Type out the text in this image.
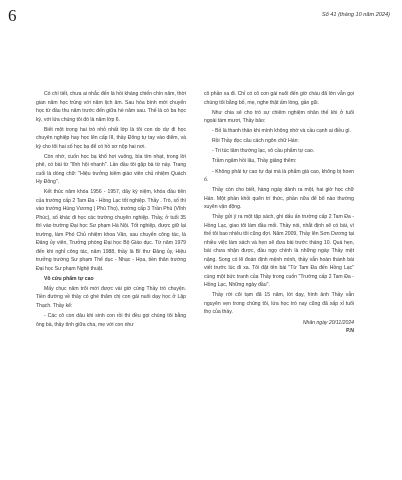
6	Số 41 (tháng 10 năm 2024)

Có chí tiết, chưa ai nhắc đến là hồi kháng chiến chín năm, thời gian năm học trùng với năm lịch âm. Sau hòa bình mới chuyển học từ đầu thu năm trước đến giữa hè năm sau. Thế là có ba học kỳ, với lứa chúng tôi đó là năm lớp 6.

Biết một trong hai trò nhỏ nhất lớp là tôi con do dự đi học chuyên nghiệp hay học lên cấp III, thầy Đông tự tay vào điểm, và kỳ cho tôi hai số học bạ để có hồ sơ nộp hai nơi.

Còn nhớ, cuốn học bạ khổ hơi vuông, bìa tím nhạt, trong lời phê, có bài từ "lĩnh hội nhanh". Lần đầu tôi gặp bà từ này. Trang cuối là dòng chữ: "Hiệu trưởng kiêm giáo viên chủ nhiệm Quách Hy Đông".

Kết thúc năm khóa 1956 - 1957, dãy kỳ niệm, khóa đầu tiên của trường cấp 2 Tam Đa - Hồng Lạc tốt nghiệp. Thầy . Trò, số thì vào trường Hùng Vương ( Phú Thọ), trường cấp 3 Trần Phú (Vĩnh Phúc), số khác đi học các trường chuyên nghiệp. Thầy, ở tuổi 35 thì vào trường Đại học Sư phạm Hà Nội. Tốt nghiệp, được giữ lại trường, làm Phó Chủ nhiệm khoa Văn, sau chuyển công tác, là Đảng ủy viên, Trưởng phòng Đại học Bộ Giáo dục. Từ năm 1979 đến khi nghỉ công tác, năm 1988, thầy là Bí thư Đảng ủy, Hiệu trưởng trường Sư phạm Thể dục - Nhạc - Họa, tiền thân trường Đại học Sư phạm Nghệ thuật.

Vô cửu phẩm tự cao

Mấy chục năm trôi mới được vài giờ cùng Thầy trò chuyện. Tiền đường về thầy có ghé thăm chị con gái nuôi dạy học ở Lập Thạch. Thầy kể:

- Các cô con dâu khi sinh con rồi thì đều gọi chúng tôi bằng ông bà, thầy tình giữa cha, mẹ với con như

cô phần xa đi. Chỉ có cô con gái nuôi đến giờ cháu đã lớn vẫn gọi chúng tôi bằng bố, mẹ, nghe thật ấm lòng, gần gũi.

Như chia sẻ cho trò sự chiêm nghiệm nhân thế khi ở tuổi ngoài tám mươi, Thầy bảo:

- Bỏ là thanh thản khi mình không nhớ và cầu cạnh ai điều gì.

Rồi Thầy đọc câu cách ngôn chữ Hán:

- Tri túc tâm thường lạc, vô cầu phẩm tự cao.

Trầm ngâm hồi lâu, Thầy giảng thêm:

- Không phải tự cao tự đại mà là phẩm giá cao, không bị hoen ố.

Thầy còn cho biết, hàng ngày dành ra một, hai giờ học chữ Hán. Một phần khỏi quên trí thức, phần nữa để bổ nào thường xuyên vận động.

Thầy gửi ý ra một tập sách, ghi dấu ấn trường cấp 2 Tam Đa - Hồng Lạc, giao tôi làm đầu mối. Thầy nói, nhắt định sẽ có bài, vì thế tôi bao nhiêu tôi cũng đợi. Năm 2009, Thầy lên Sơn Dương tại nhiều việc làm sách và hẹn sẽ đưa bài trước tháng 10. Quá hẹn, bài chưa nhận được, đầu ngọ chính là những ngày Thầy mệt nặng. Song có lẽ đoán định mệnh mình, thầy vẫn hoàn thành bài viết trước lúc đi xa. Tôi đặt tên bài "Từ Tam Đa đến Hồng Lạc" cùng một bức tranh của Thầy trong cuốn "Trường cấp 2 Tam Đa - Hồng Lạc, Những ngày đầu".

Thầy rời cõi tạm đã 15 năm, lời dạy, hình ảnh Thầy vẫn nguyên vẹn trong chúng tôi, lứa học trò nay cũng đã xấp xỉ tuổi thọ của thầy.

Nhân ngày 20/11/2024
P.N
